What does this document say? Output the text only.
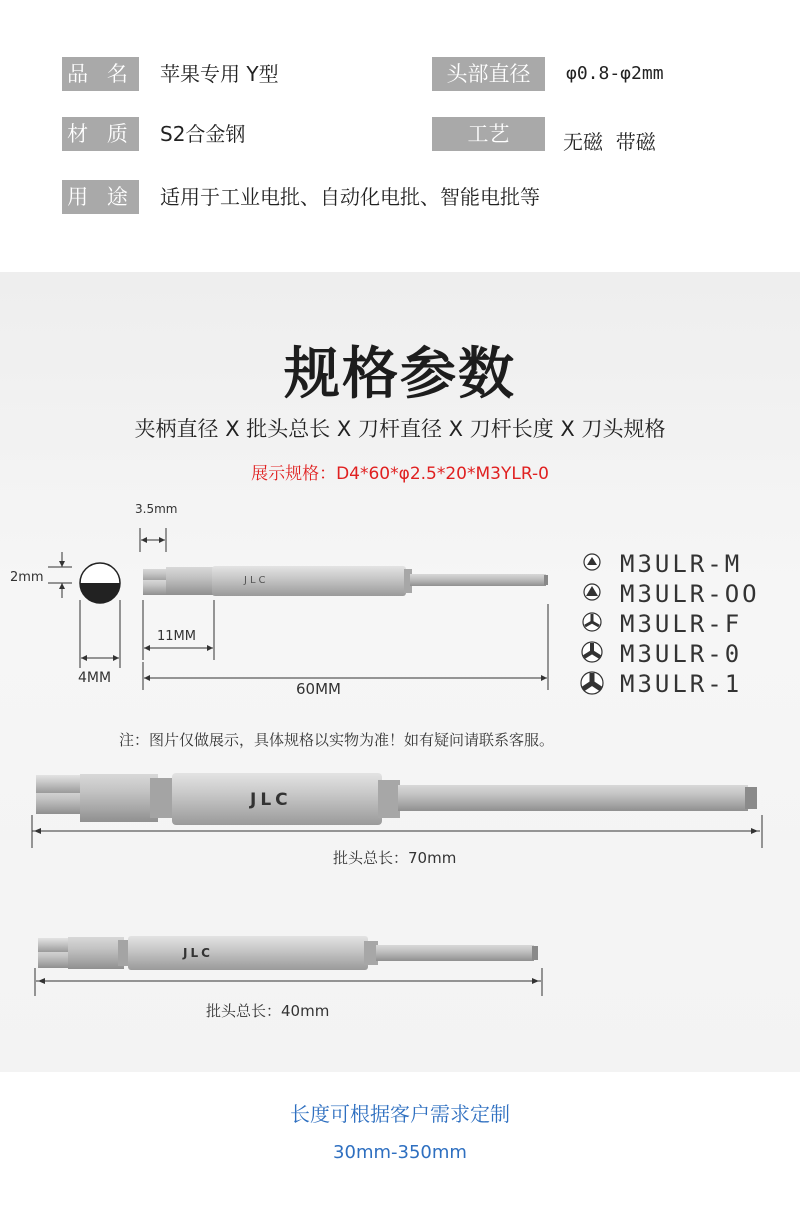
品 名 苹果专用 Y型	头部直径	φ0.8-φ2mm
材 质 S2合金钢	工艺	无磁  带磁
用 途 适用于工业电批、自动化电批、智能电批等
规格参数
夹柄直径 X 批头总长 X 刀杆直径 X 刀杆长度 X 刀头规格
展示规格：D4*60*φ2.5*20*M3YLR-0
3.5mm
2mm
11MM
4MM
60MM
JLC
JLC
JLC
M3ULR-M
M3ULR-OO
M3ULR-F
M3ULR-0
M3ULR-1
注：图片仅做展示，具体规格以实物为准！如有疑问请联系客服。
批头总长：70mm
批头总长：40mm
长度可根据客户需求定制
30mm-350mm
